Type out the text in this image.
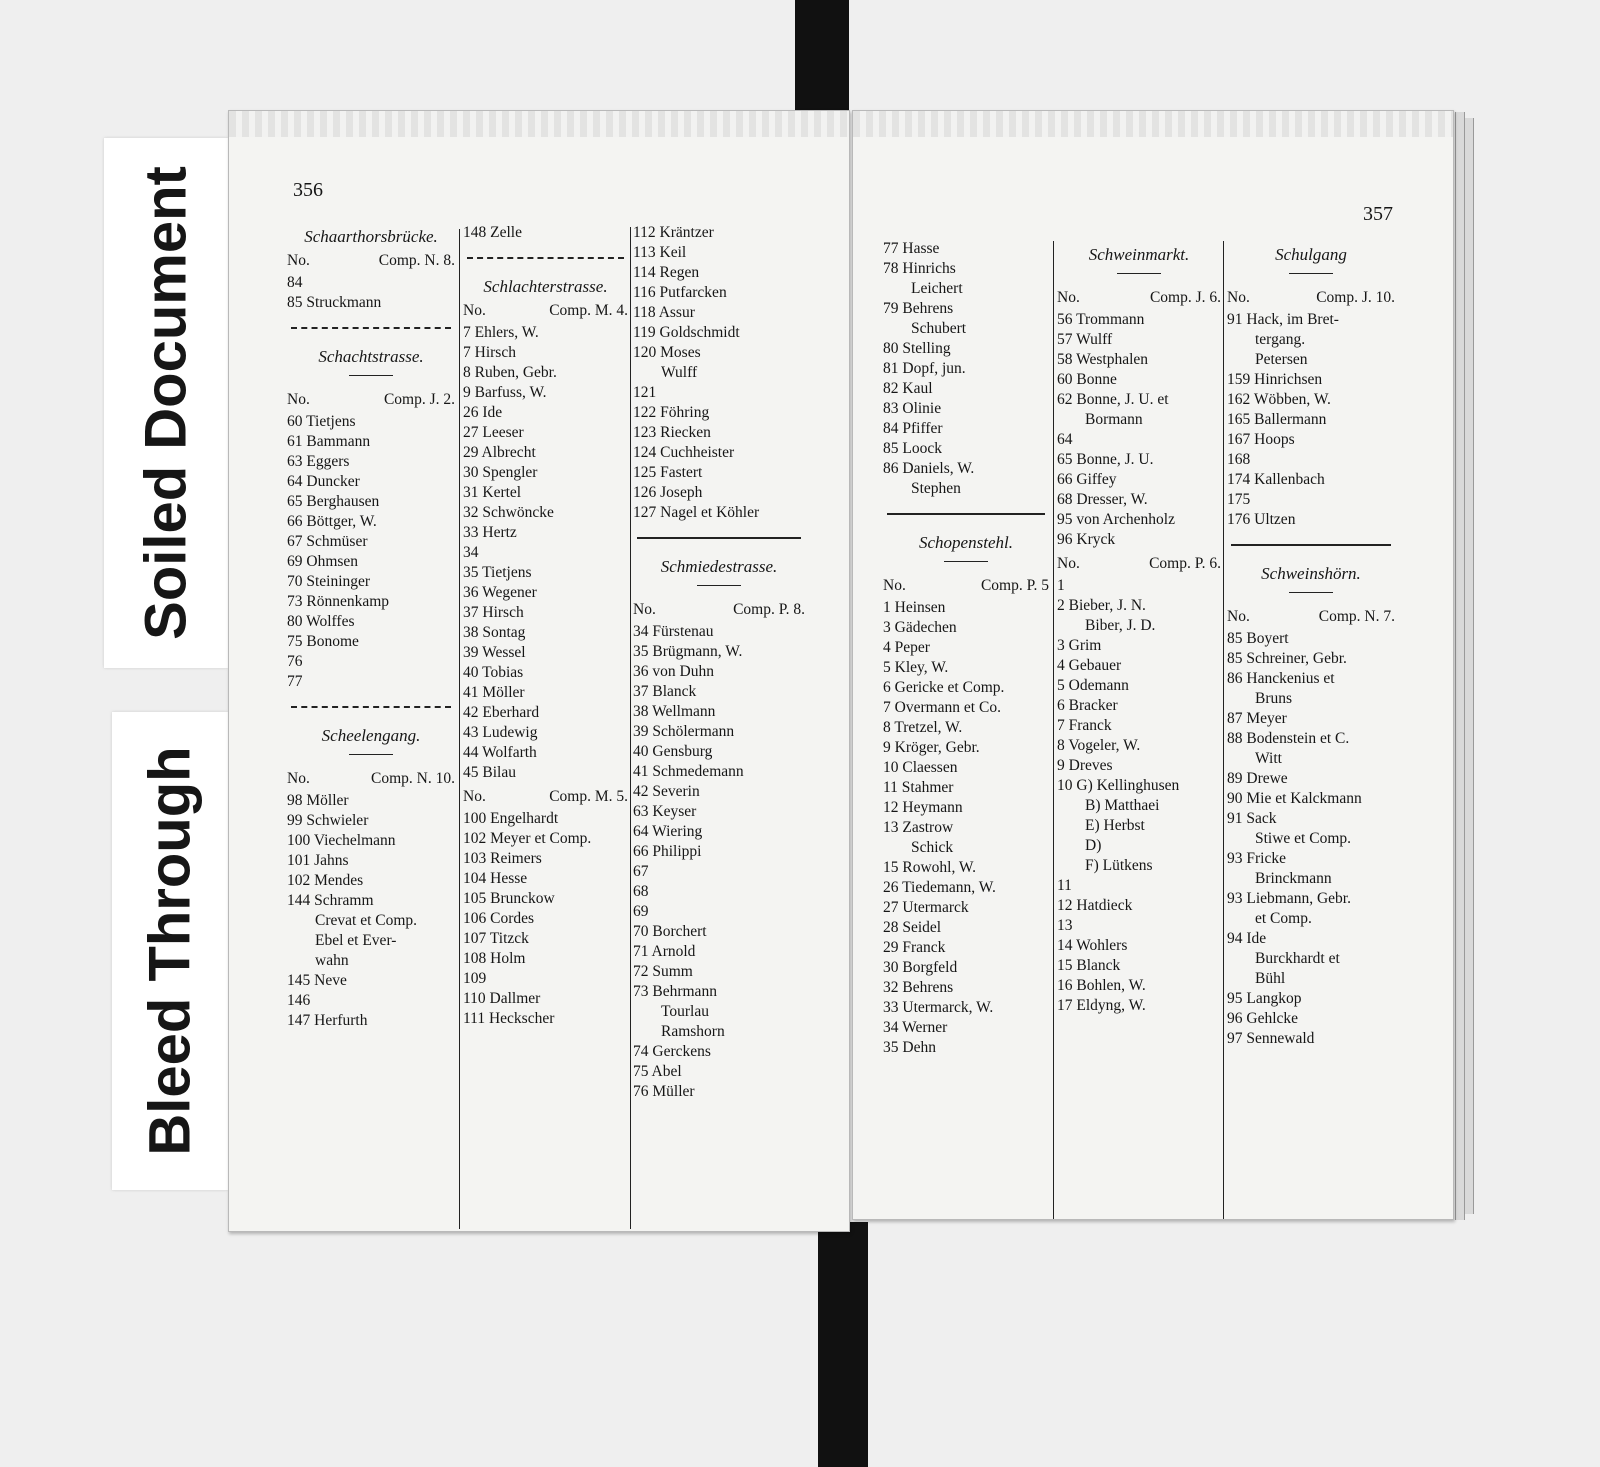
Soiled Document
Bleed Through
356
Schaarthorsbrücke.
No.	Comp. N. 8.
84
85 Struckmann
Schachtstrasse.
No.	Comp. J. 2.
60 Tietjens
61 Bammann
63 Eggers
64 Duncker
65 Berghausen
66 Böttger, W.
67 Schmüser
69 Ohmsen
70 Steininger
73 Rönnenkamp
80 Wolffes
75 Bonome
76
77
Scheelengang.
No.	Comp. N. 10.
98 Möller
99 Schwieler
100 Viechelmann
101 Jahns
102 Mendes
144 Schramm
Crevat et Comp.
Ebel et Ever-
wahn
145 Neve
146
147 Herfurth
148 Zelle
Schlachterstrasse.
No.	Comp. M. 4.
7 Ehlers, W.
7 Hirsch
8 Ruben, Gebr.
9 Barfuss, W.
26 Ide
27 Leeser
29 Albrecht
30 Spengler
31 Kertel
32 Schwöncke
33 Hertz
34
35 Tietjens
36 Wegener
37 Hirsch
38 Sontag
39 Wessel
40 Tobias
41 Möller
42 Eberhard
43 Ludewig
44 Wolfarth
45 Bilau
No.	Comp. M. 5.
100 Engelhardt
102 Meyer et Comp.
103 Reimers
104 Hesse
105 Brunckow
106 Cordes
107 Titzck
108 Holm
109
110 Dallmer
111 Heckscher
112 Kräntzer
113 Keil
114 Regen
116 Putfarcken
118 Assur
119 Goldschmidt
120 Moses
Wulff
121
122 Föhring
123 Riecken
124 Cuchheister
125 Fastert
126 Joseph
127 Nagel et Köhler
Schmiedestrasse.
No.	Comp. P. 8.
34 Fürstenau
35 Brügmann, W.
36 von Duhn
37 Blanck
38 Wellmann
39 Schölermann
40 Gensburg
41 Schmedemann
42 Severin
63 Keyser
64 Wiering
66 Philippi
67
68
69
70 Borchert
71 Arnold
72 Summ
73 Behrmann
Tourlau
Ramshorn
74 Gerckens
75 Abel
76 Müller
357
77 Hasse
78 Hinrichs
Leichert
79 Behrens
Schubert
80 Stelling
81 Dopf, jun.
82 Kaul
83 Olinie
84 Pfiffer
85 Loock
86 Daniels, W.
Stephen
Schopenstehl.
No.	Comp. P. 5
1 Heinsen
3 Gädechen
4 Peper
5 Kley, W.
6 Gericke et Comp.
7 Overmann et Co.
8 Tretzel, W.
9 Kröger, Gebr.
10 Claessen
11 Stahmer
12 Heymann
13 Zastrow
Schick
15 Rowohl, W.
26 Tiedemann, W.
27 Utermarck
28 Seidel
29 Franck
30 Borgfeld
32 Behrens
33 Utermarck, W.
34 Werner
35 Dehn
Schweinmarkt.
No.	Comp. J. 6.
56 Trommann
57 Wulff
58 Westphalen
60 Bonne
62 Bonne, J. U. et
Bormann
64
65 Bonne, J. U.
66 Giffey
68 Dresser, W.
95 von Archenholz
96 Kryck
No.	Comp. P. 6.
1
2 Bieber, J. N.
Biber, J. D.
3 Grim
4 Gebauer
5 Odemann
6 Bracker
7 Franck
8 Vogeler, W.
9 Dreves
10 G) Kellinghusen
B) Matthaei
E) Herbst
D)
F) Lütkens
11
12 Hatdieck
13
14 Wohlers
15 Blanck
16 Bohlen, W.
17 Eldyng, W.
Schulgang
No.	Comp. J. 10.
91 Hack, im Bret-
tergang.
Petersen
159 Hinrichsen
162 Wöbben, W.
165 Ballermann
167 Hoops
168
174 Kallenbach
175
176 Ultzen
Schweinshörn.
No.	Comp. N. 7.
85 Boyert
85 Schreiner, Gebr.
86 Hanckenius et
Bruns
87 Meyer
88 Bodenstein et C.
Witt
89 Drewe
90 Mie et Kalckmann
91 Sack
Stiwe et Comp.
93 Fricke
Brinckmann
93 Liebmann, Gebr.
et Comp.
94 Ide
Burckhardt et
Bühl
95 Langkop
96 Gehlcke
97 Sennewald
